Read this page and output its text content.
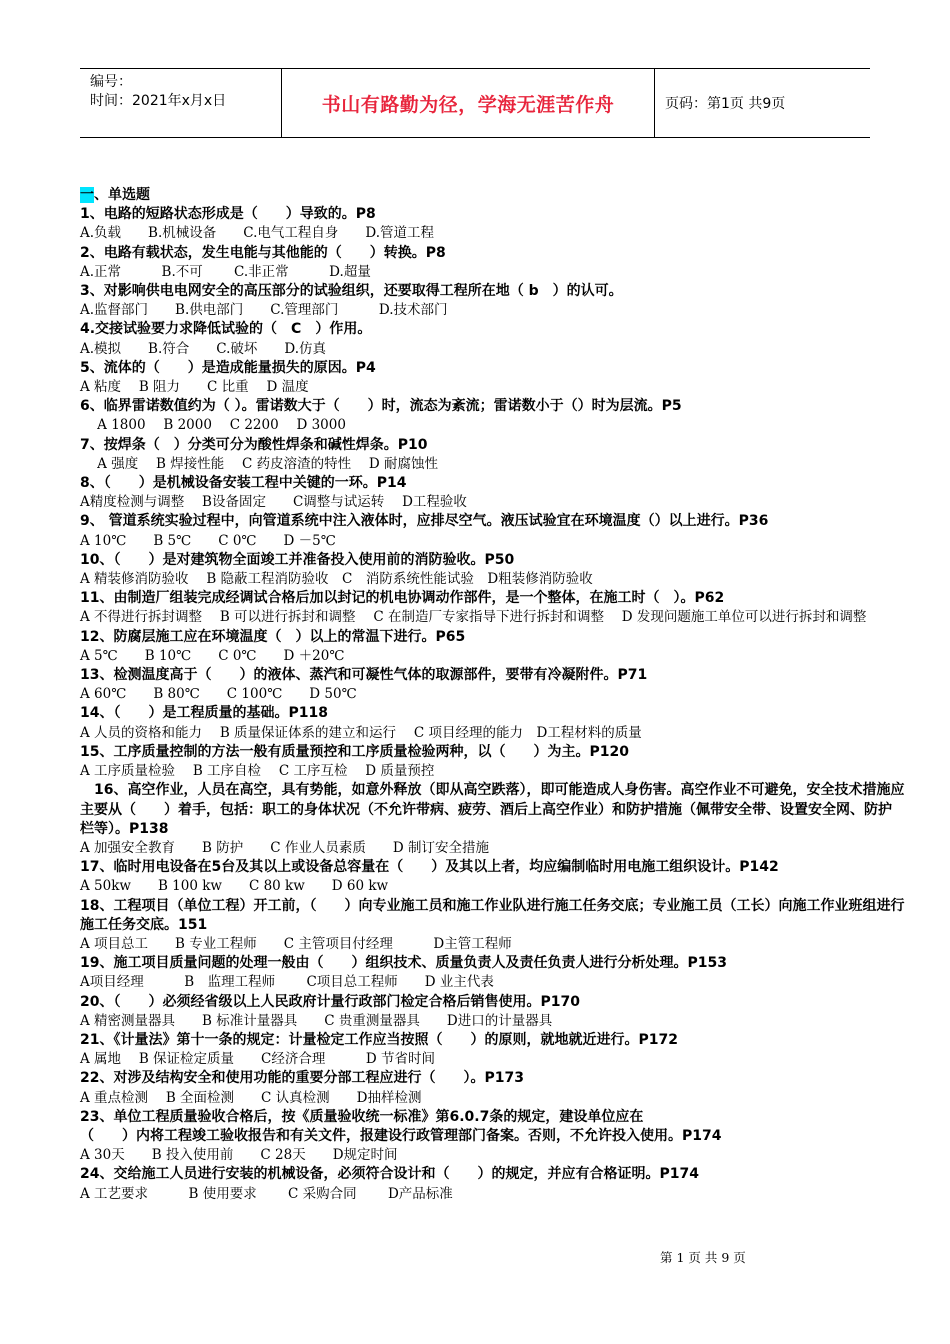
编号：
时间：2021年x月x日	书山有路勤为径，学海无涯苦作舟	页码：第1页 共9页
一、单选题
1、电路的短路状态形成是（　　）导致的。P8
A.负载　　B.机械设备　　C.电气工程自身　　D.管道工程
2、电路有载状态，发生电能与其他能的（　　）转换。P8
A.正常　　　B.不可　　 C.非正常　　　D.超量
3、对影响供电电网安全的高压部分的试验组织，还要取得工程所在地（ b　）的认可。
A.监督部门　　B.供电部门　　C.管理部门　　　D.技术部门
4.交接试验要力求降低试验的（　C　）作用。
A.模拟　　B.符合　　C.破坏　　D.仿真
5、流体的（　　）是造成能量损失的原因。P4
A 粘度　 B 阻力　　C 比重　 D 温度
6、临界雷诺数值约为（ ）。雷诺数大于（　　）时，流态为紊流；雷诺数小于（）时为层流。P5
A 1800　 B 2000　 C 2200　 D 3000
7、按焊条（　）分类可分为酸性焊条和碱性焊条。P10
A 强度　 B 焊接性能　 C 药皮溶渣的特性　 D 耐腐蚀性
8、（　　）是机械设备安装工程中关键的一环。P14
A精度检测与调整　 B设备固定　　C调整与试运转　 D工程验收
9、 管道系统实验过程中，向管道系统中注入液体时，应排尽空气。液压试验宜在环境温度（）以上进行。P36
A 10℃　　B 5℃　　C 0℃　　D －5℃
10、（　　）是对建筑物全面竣工并准备投入使用前的消防验收。P50
A 精装修消防验收　 B 隐蔽工程消防验收　C　消防系统性能试验　D粗装修消防验收
11、由制造厂组装完成经调试合格后加以封记的机电协调动作部件，是一个整体，在施工时（　）。P62
A 不得进行拆封调整　 B 可以进行拆封和调整　 C 在制造厂专家指导下进行拆封和调整　 D 发现问题施工单位可以进行拆封和调整
12、防腐层施工应在环境温度（　）以上的常温下进行。P65
A 5℃　　B 10℃　　C 0℃　　D ＋20℃
13、检测温度高于（　　）的液体、蒸汽和可凝性气体的取源部件，要带有冷凝附件。P71
A 60℃　　B 80℃　　C 100℃　　D 50℃
14、（　　）是工程质量的基础。P118
A 人员的资格和能力　 B 质量保证体系的建立和运行　 C 项目经理的能力　D工程材料的质量
15、工序质量控制的方法一般有质量预控和工序质量检验两种，以（　　）为主。P120
A 工序质量检验　 B 工序自检　 C 工序互检　 D 质量预控
　16、高空作业，人员在高空，具有势能，如意外释放（即从高空跌落），即可能造成人身伤害。高空作业不可避免，安全技术措施应主要从（　　）着手，包括：职工的身体状况（不允许带病、疲劳、酒后上高空作业）和防护措施（佩带安全带、设置安全网、防护栏等）。P138
A 加强安全教育　　B 防护　　C 作业人员素质　　D 制订安全措施
17、临时用电设备在5台及其以上或设备总容量在（　　）及其以上者，均应编制临时用电施工组织设计。P142
A 50kw　　B 100 kw　　C 80 kw　　D 60 kw
18、工程项目（单位工程）开工前，（　　）向专业施工员和施工作业队进行施工任务交底；专业施工员（工长）向施工作业班组进行施工任务交底。151
A 项目总工　　B 专业工程师　　C 主管项目付经理　　　D主管工程师
19、施工项目质量问题的处理一般由（　　）组织技术、质量负责人及责任负责人进行分析处理。P153
A项目经理　　　B　监理工程师　　 C项目总工程师　　D 业主代表
20、（　　）必须经省级以上人民政府计量行政部门检定合格后销售使用。P170
A 精密测量器具　　B 标准计量器具　　C 贵重测量器具　　D进口的计量器具
21、《计量法》第十一条的规定：计量检定工作应当按照（　　）的原则，就地就近进行。P172
A 属地　 B 保证检定质量　　C经济合理　　　D 节省时间
22、对涉及结构安全和使用功能的重要分部工程应进行（　　）。P173
A 重点检测　 B 全面检测　　C 认真检测　　D抽样检测
23、单位工程质量验收合格后，按《质量验收统一标准》第6.0.7条的规定，建设单位应在
（　　）内将工程竣工验收报告和有关文件，报建设行政管理部门备案。否则，不允许投入使用。P174
A 30天　　B 投入使用前　　C 28天　　D规定时间
24、交给施工人员进行安装的机械设备，必须符合设计和（　　）的规定，并应有合格证明。P174
A 工艺要求　　　B 使用要求　　 C 采购合同　　 D产品标准
第 1 页 共 9 页
